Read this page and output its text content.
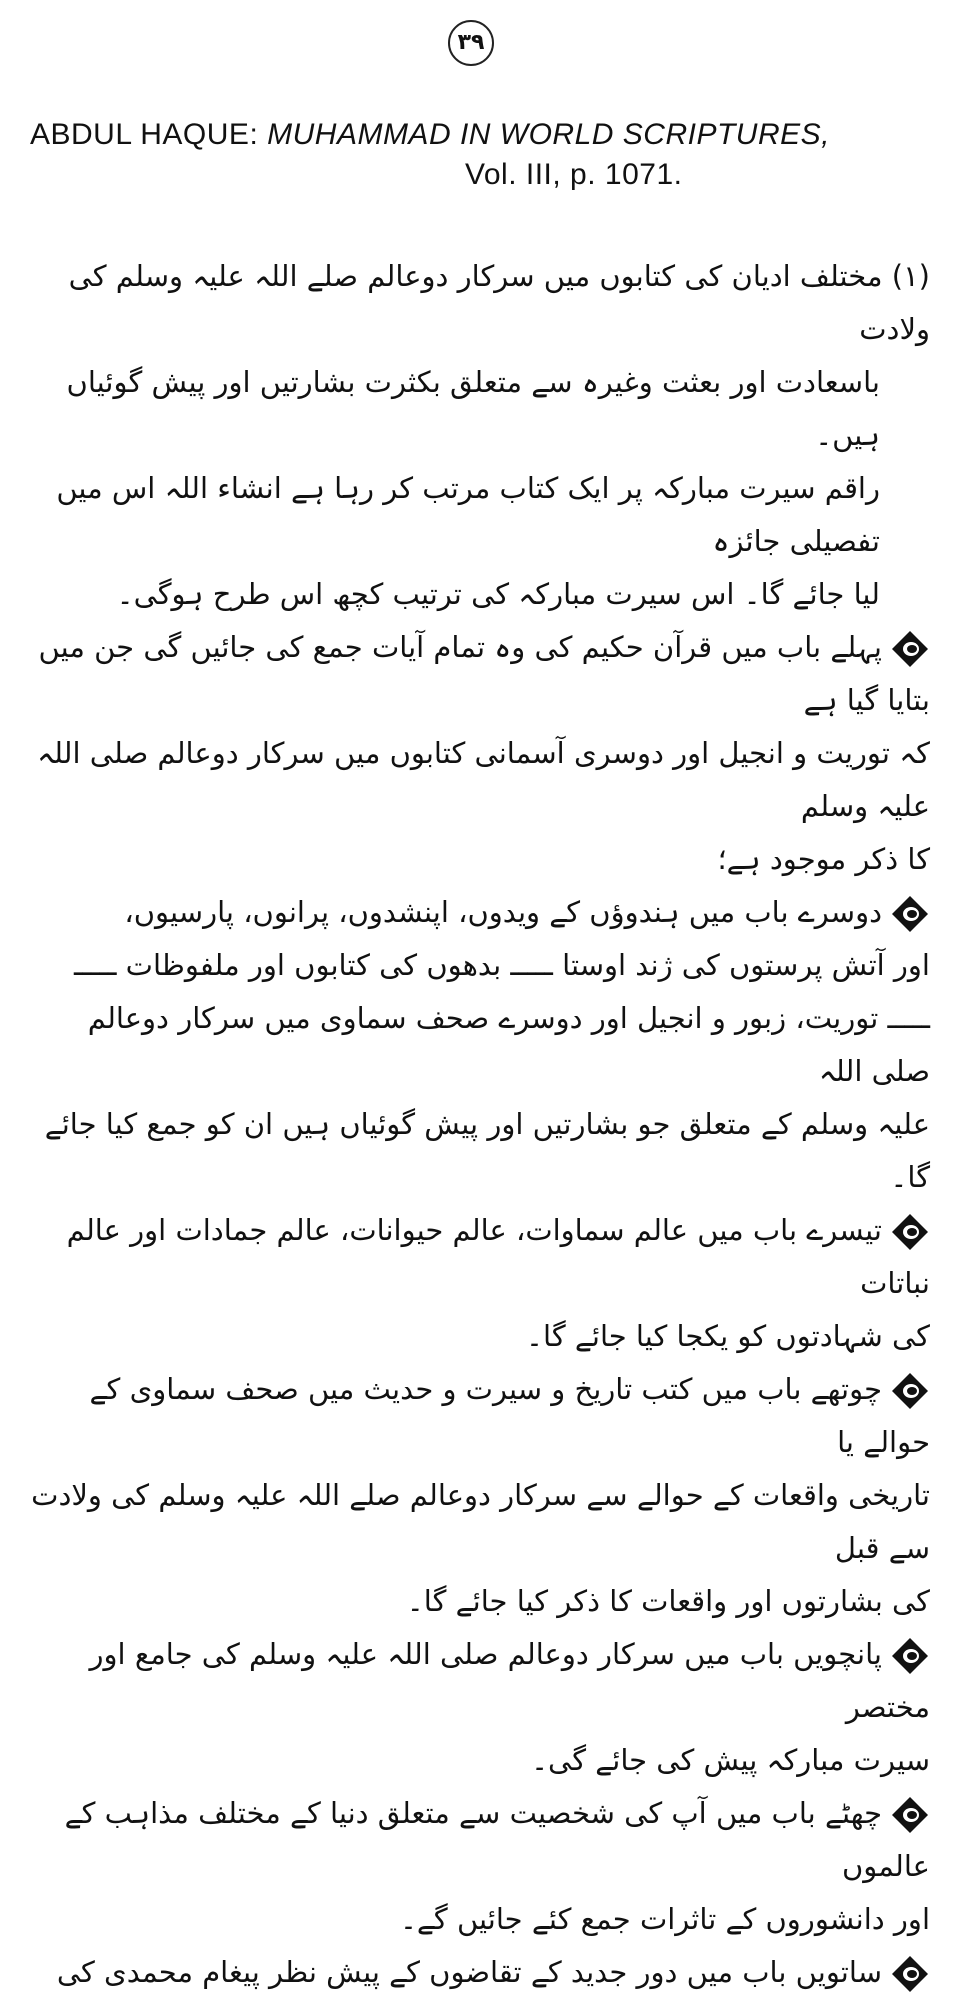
۳۹
ABDUL HAQUE: MUHAMMAD IN WORLD SCRIPTURES,
Vol. III, p. 1071.

(۱) مختلف ادیان کی کتابوں میں سرکار دوعالم صلے اللہ علیہ وسلم کی ولادت

باسعادت اور بعثت وغیرہ سے متعلق بکثرت بشارتیں اور پیش گوئیاں ہیں۔

راقم سیرت مبارکہ پر ایک کتاب مرتب کر رہا ہے انشاء اللہ اس میں تفصیلی جائزہ

لیا جائے گا۔ اس سیرت مبارکہ کی ترتیب کچھ اس طرح ہوگی۔

پہلے باب میں قرآن حکیم کی وہ تمام آیات جمع کی جائیں گی جن میں بتایا گیا ہے

کہ توریت و انجیل اور دوسری آسمانی کتابوں میں سرکار دوعالم صلی اللہ علیہ وسلم

کا ذکر موجود ہے؛

دوسرے باب میں ہندوؤں کے ویدوں، اپنشدوں، پرانوں، پارسیوں،

اور آتش پرستوں کی ژند اوستا ـــــ بدھوں کی کتابوں اور ملفوظات ـــــ

ـــــ توریت، زبور و انجیل اور دوسرے صحف سماوی میں سرکار دوعالم صلی اللہ

علیہ وسلم کے متعلق جو بشارتیں اور پیش گوئیاں ہیں ان کو جمع کیا جائے گا۔

تیسرے باب میں عالم سماوات، عالم حیوانات، عالم جمادات اور عالم نباتات

کی شہادتوں کو یکجا کیا جائے گا۔

چوتھے باب میں کتب تاریخ و سیرت و حدیث میں صحف سماوی کے حوالے یا

تاریخی واقعات کے حوالے سے سرکار دوعالم صلے اللہ علیہ وسلم کی ولادت سے قبل

کی بشارتوں اور واقعات کا ذکر کیا جائے گا۔

پانچویں باب میں سرکار دوعالم صلی اللہ علیہ وسلم کی جامع اور مختصر

سیرت مبارکہ پیش کی جائے گی۔

چھٹے باب میں آپ کی شخصیت سے متعلق دنیا کے مختلف مذاہب کے عالموں

اور دانشوروں کے تاثرات جمع کئے جائیں گے۔

ساتویں باب میں دور جدید کے تقاضوں کے پیش نظر پیغام محمدی کی
